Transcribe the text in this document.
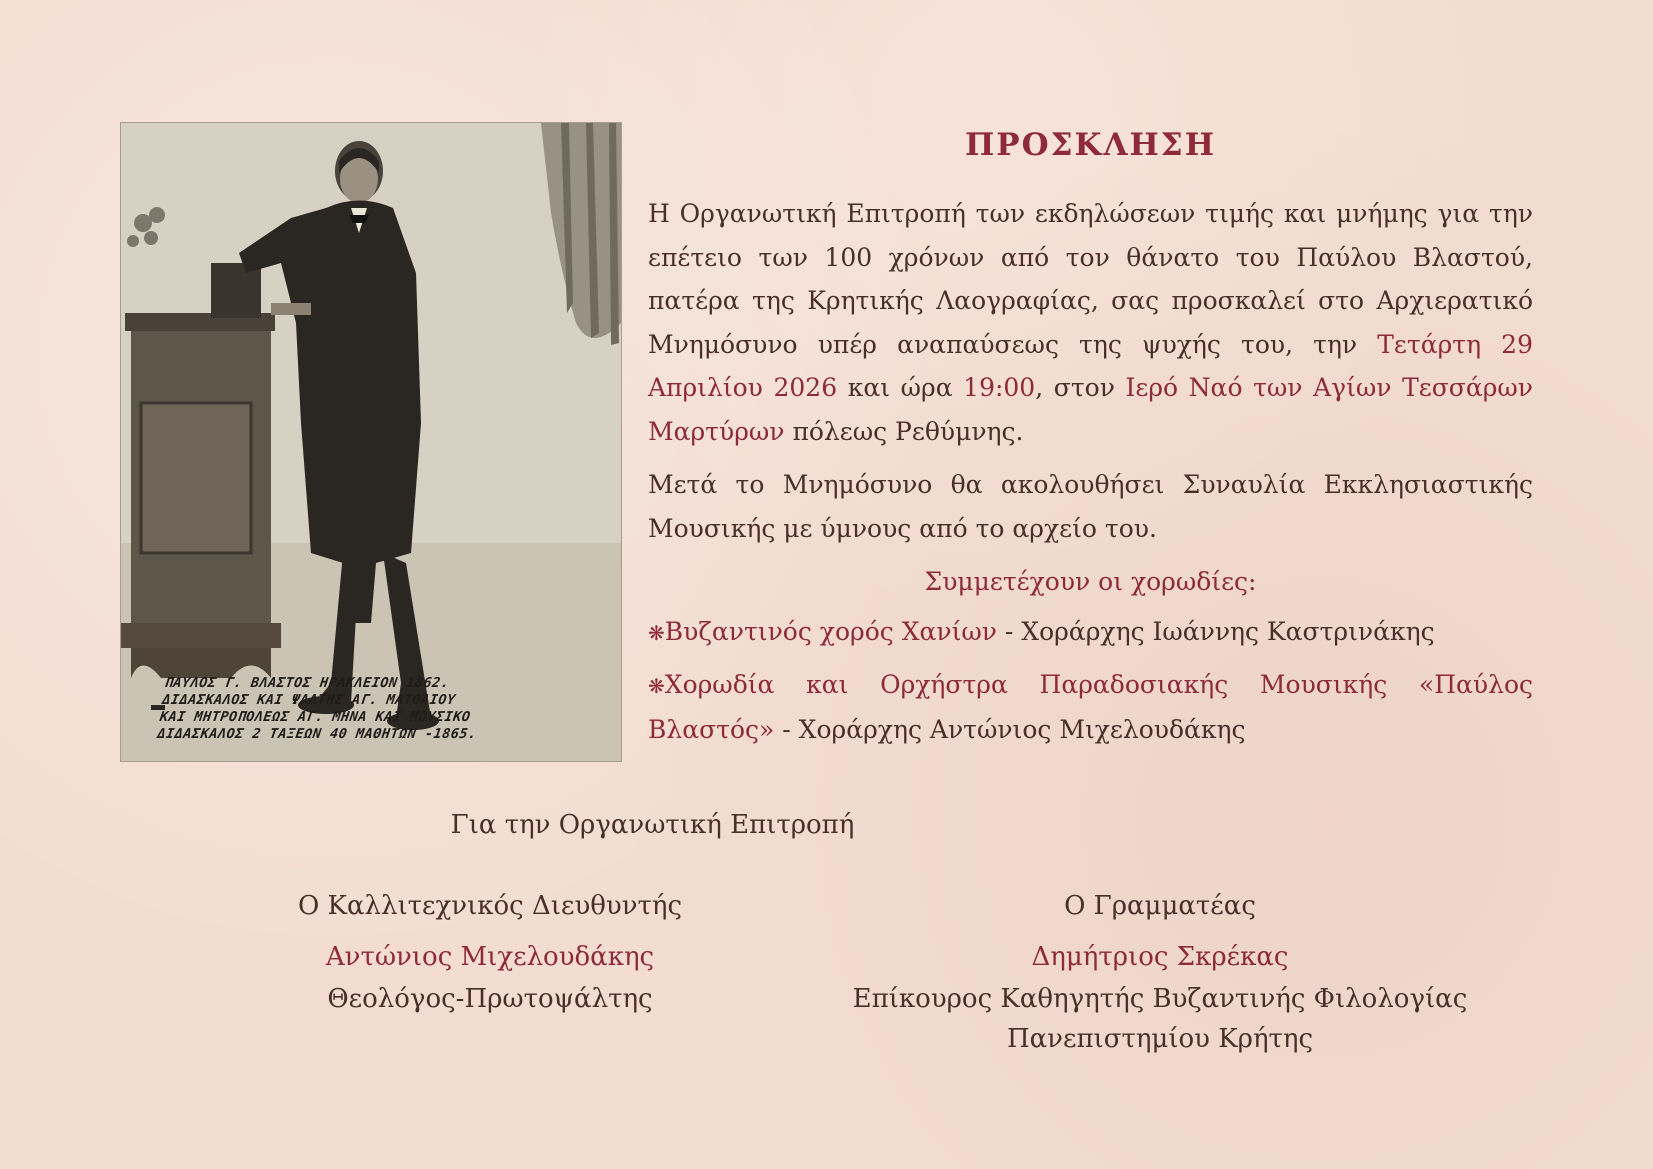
ΠΑΥΛΟΣ Γ. ΒΛΑΣΤΟΣ ΗΡΑΚΛΕΙΟΝ 1862.
ΔΙΔΑΣΚΑΛΟΣ ΚΑΙ ΨΑΛΤΗΣ ΑΓ. ΜΑΤΘΑΙΟΥ
ΚΑΙ ΜΗΤΡΟΠΟΛΕΩΣ ΑΓ. ΜΗΝΑ ΚΑΙ ΜΟΥΣΙΚΟ
ΔΙΔΑΣΚΑΛΟΣ 2 ΤΑΞΕΩΝ 40 ΜΑΘΗΤΩΝ -1865.
ΠΡΟΣΚΛΗΣΗ

Η Οργανωτική Επιτροπή των εκδηλώσεων τιμής και μνήμης για την επέτειο των 100 χρόνων από τον θάνατο του Παύλου Βλαστού, πατέρα της Κρητικής Λαογραφίας, σας προσκαλεί στο Αρχιερατικό Μνημόσυνο υπέρ αναπαύσεως της ψυχής του, την Τετάρτη 29 Απριλίου 2026 και ώρα 19:00, στον Ιερό Ναό των Αγίων Τεσσάρων Μαρτύρων πόλεως Ρεθύμνης.

Μετά το Μνημόσυνο θα ακολουθήσει Συναυλία Εκκλησιαστικής Μουσικής με ύμνους από το αρχείο του.

Συμμετέχουν οι χορωδίες:
❋Βυζαντινός χορός Χανίων - Χοράρχης Ιωάννης Καστρινάκης
❋Χορωδία και Ορχήστρα Παραδοσιακής Μουσικής «Παύλος Βλαστός» - Χοράρχης Αντώνιος Μιχελουδάκης
Για την Οργανωτική Επιτροπή
Ο Καλλιτεχνικός Διευθυντής
Αντώνιος Μιχελουδάκης
Θεολόγος-Πρωτοψάλτης
Ο Γραμματέας
Δημήτριος Σκρέκας
Επίκουρος Καθηγητής Βυζαντινής Φιλολογίας
Πανεπιστημίου Κρήτης
